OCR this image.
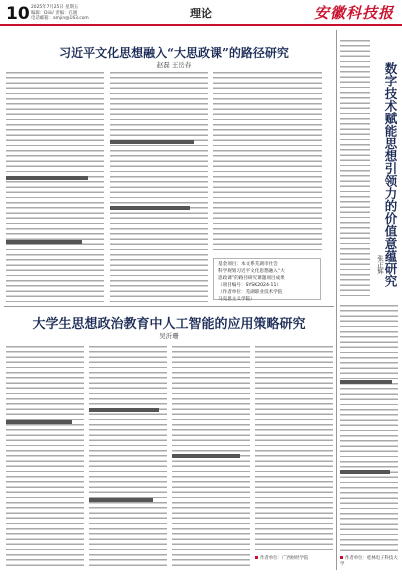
10 2025年7月25日 星期五
编辑：Diiii/ 责编：孔媛
电话邮箱：amjin@163.com	理论	安徽科技报
习近平文化思想融入“大思政课”的路径研究
赵磊 王岳春

基金项目：本文系芜湖市社会

科学规划习近平文化思想融入“大

思政课”的路径研究课题项目成果

（项目编号：SYSK2024-11）

（作者单位：芜湖职业技术学院

马克思主义学院）

大学生思想政治教育中人工智能的应用策略研究
吴沂珊
作者单位：广西财经学院
数字技术赋能思想引领力的价值意蕴研究
张正辉
作者单位：桂林电子科技大学
